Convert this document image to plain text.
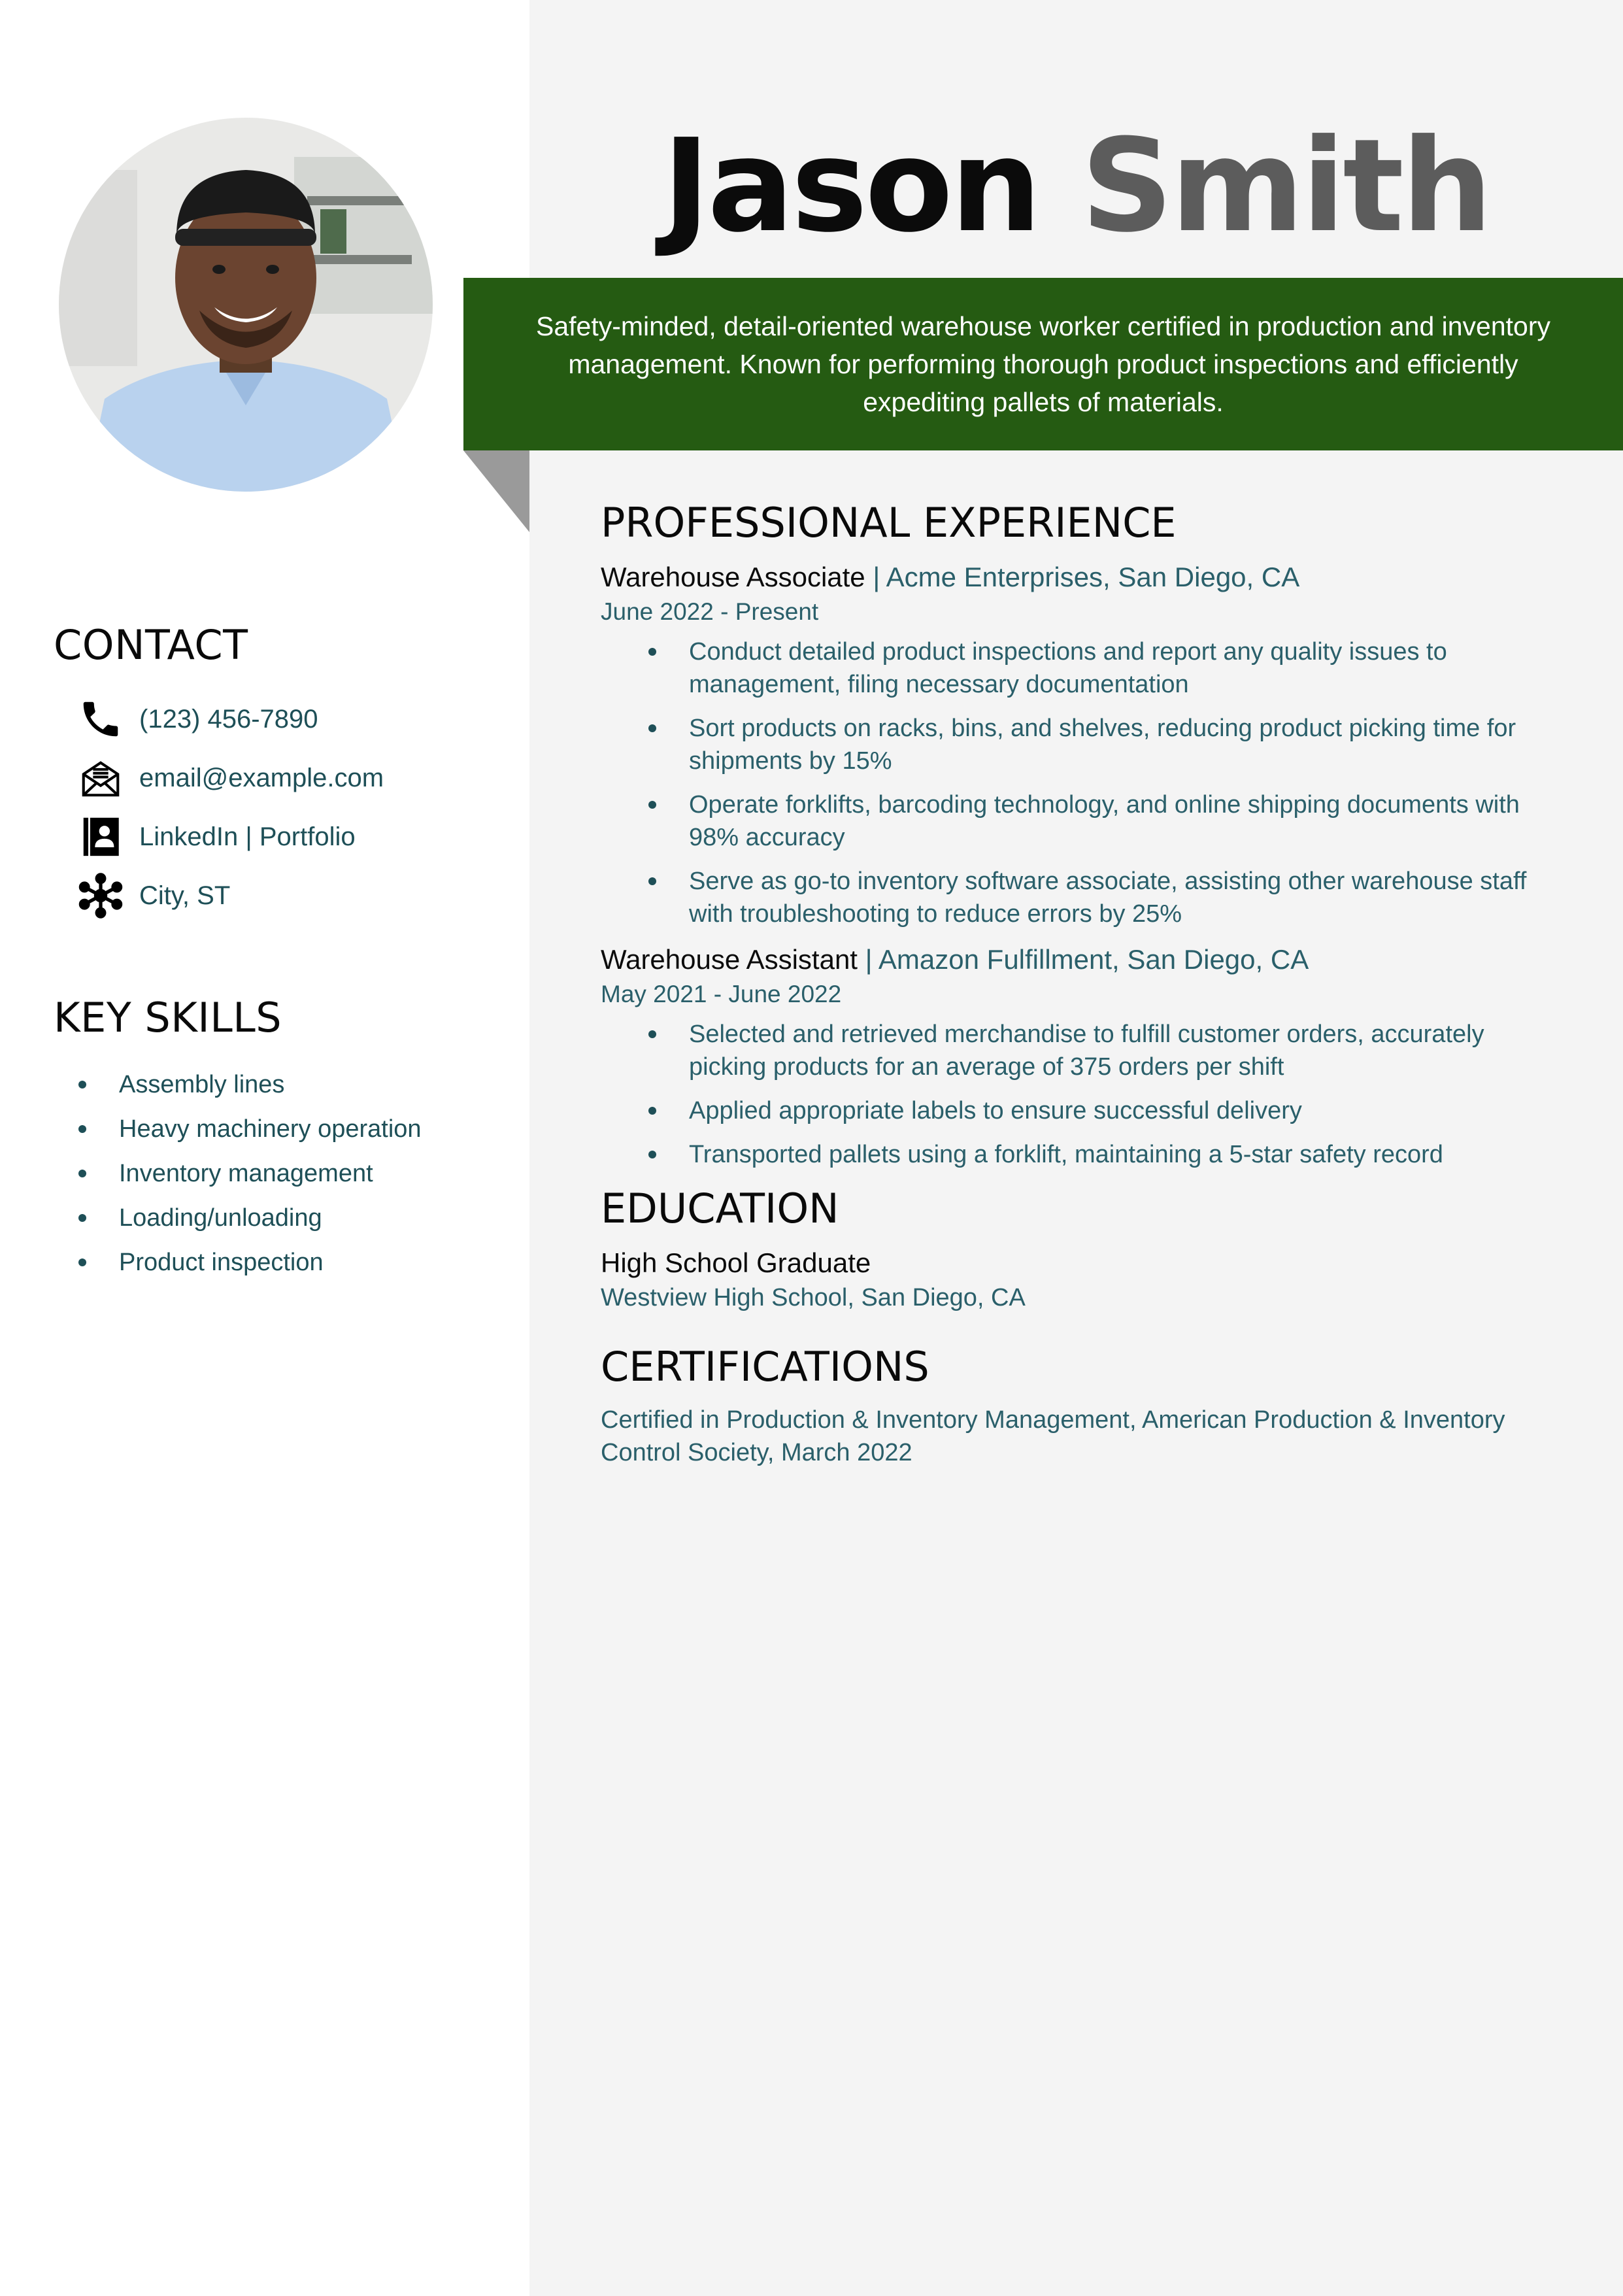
CONTACT
(123) 456-7890
email@example.com
LinkedIn | Portfolio
City, ST
KEY SKILLS
Assembly lines
Heavy machinery operation
Inventory management
Loading/unloading
Product inspection
Jason Smith

Safety-minded, detail-oriented warehouse worker certified in production and inventory management. Known for performing thorough product inspections and efficiently expediting pallets of materials.

PROFESSIONAL EXPERIENCE

Warehouse Associate | Acme Enterprises, San Diego, CA

June 2022 - Present

Conduct detailed product inspections and report any quality issues to management, filing necessary documentation
Sort products on racks, bins, and shelves, reducing product picking time for shipments by 15%
Operate forklifts, barcoding technology, and online shipping documents with 98% accuracy
Serve as go-to inventory software associate, assisting other warehouse staff with troubleshooting to reduce errors by 25%

Warehouse Assistant | Amazon Fulfillment, San Diego, CA

May 2021 - June 2022

Selected and retrieved merchandise to fulfill customer orders, accurately picking products for an average of 375 orders per shift
Applied appropriate labels to ensure successful delivery
Transported pallets using a forklift, maintaining a 5-star safety record
EDUCATION

High School Graduate

Westview High School, San Diego, CA

CERTIFICATIONS

Certified in Production & Inventory Management, American Production & Inventory Control Society, March 2022
